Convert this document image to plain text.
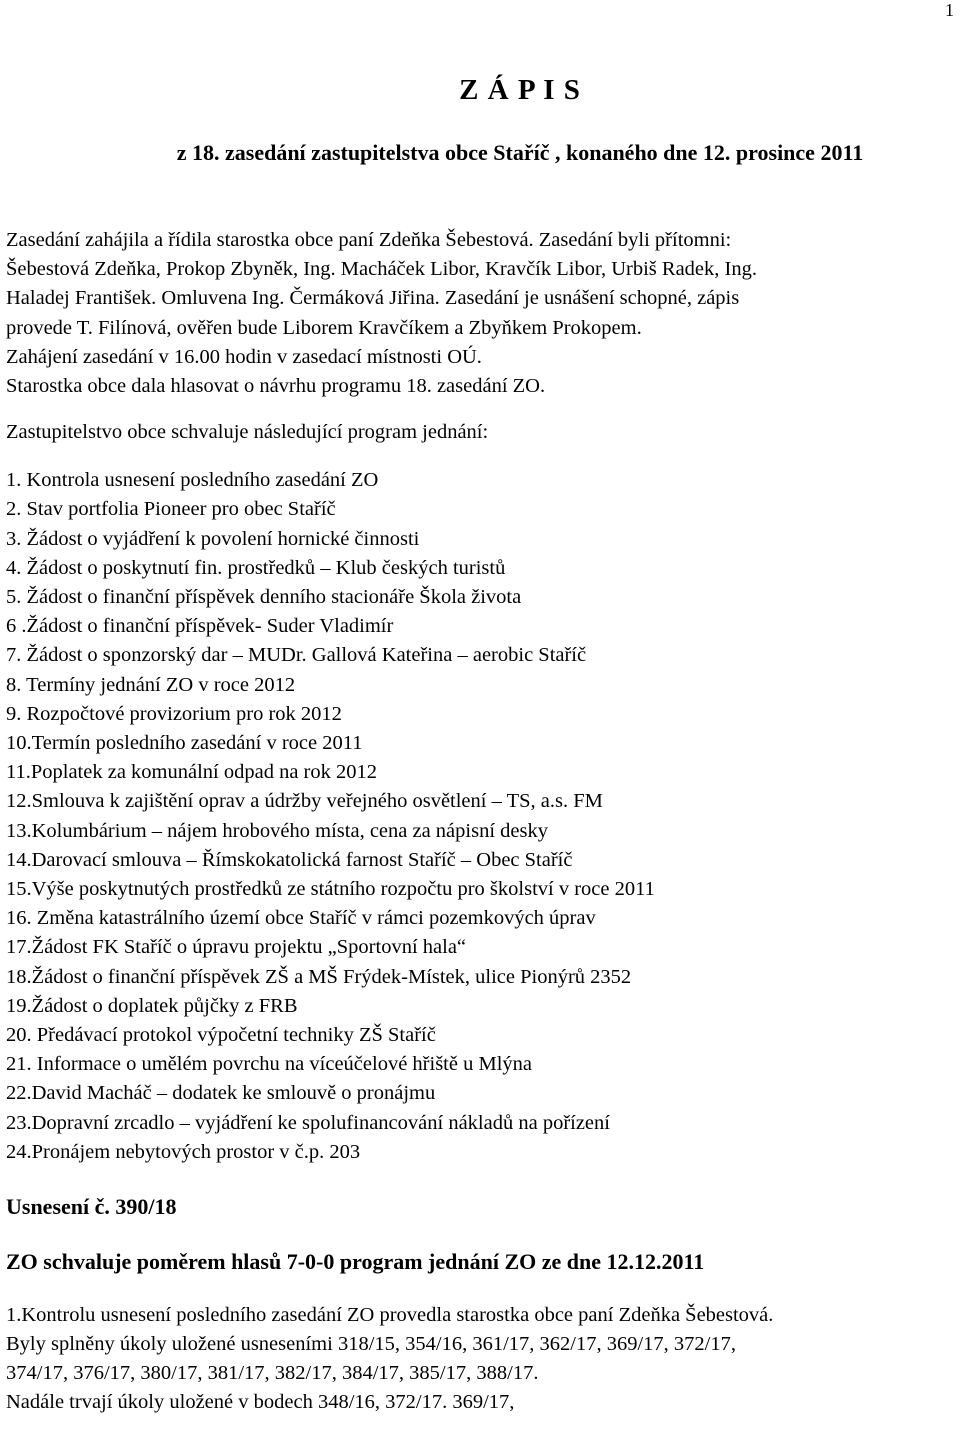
1
Z Á P I S
z 18. zasedání zastupitelstva obce Staříč , konaného dne 12. prosince 2011

Zasedání zahájila a řídila starostka obce paní Zdeňka Šebestová. Zasedání byli přítomni:
Šebestová Zdeňka, Prokop Zbyněk, Ing. Macháček Libor, Kravčík Libor, Urbiš Radek, Ing.
Haladej František. Omluvena Ing. Čermáková Jiřina. Zasedání je usnášení schopné, zápis
provede T. Filínová, ověřen bude Liborem Kravčíkem a Zbyňkem Prokopem.
Zahájení zasedání v 16.00 hodin v zasedací místnosti OÚ.
Starostka obce dala hlasovat o návrhu programu 18. zasedání ZO.

Zastupitelstvo obce schvaluje následující program jednání:
1. Kontrola usnesení posledního zasedání ZO
2. Stav portfolia Pioneer pro obec Staříč
3. Žádost o vyjádření k povolení hornické činnosti
4. Žádost o poskytnutí fin. prostředků – Klub českých turistů
5. Žádost o finanční příspěvek denního stacionáře Škola života
6 .Žádost o finanční příspěvek- Suder Vladimír
7. Žádost o sponzorský dar – MUDr. Gallová Kateřina – aerobic Staříč
8. Termíny jednání ZO v roce 2012
9. Rozpočtové provizorium pro rok 2012
10.Termín posledního zasedání v roce 2011
11.Poplatek za komunální odpad na rok 2012
12.Smlouva k zajištění oprav a údržby veřejného osvětlení – TS, a.s. FM
13.Kolumbárium – nájem hrobového místa, cena za nápisní desky
14.Darovací smlouva – Římskokatolická farnost Staříč – Obec Staříč
15.Výše poskytnutých prostředků ze státního rozpočtu pro školství v roce 2011
16. Změna katastrálního území obce Staříč v rámci pozemkových úprav
17.Žádost FK Staříč o úpravu projektu „Sportovní hala“
18.Žádost o finanční příspěvek ZŠ a MŠ Frýdek-Místek, ulice Pionýrů 2352
19.Žádost o doplatek půjčky z FRB
20. Předávací protokol výpočetní techniky ZŠ Staříč
21. Informace o umělém povrchu na víceúčelové hřiště u Mlýna
22.David Macháč – dodatek ke smlouvě o pronájmu
23.Dopravní zrcadlo – vyjádření ke spolufinancování nákladů na pořízení
24.Pronájem nebytových prostor v č.p. 203
Usnesení č. 390/18
ZO schvaluje poměrem hlasů 7-0-0 program jednání ZO ze dne 12.12.2011
1.Kontrolu usnesení posledního zasedání ZO provedla starostka obce paní Zdeňka Šebestová.
Byly splněny úkoly uložené usneseními 318/15, 354/16, 361/17, 362/17, 369/17, 372/17,
374/17, 376/17, 380/17, 381/17, 382/17, 384/17, 385/17, 388/17.
Nadále trvají úkoly uložené v bodech 348/16, 372/17. 369/17,
